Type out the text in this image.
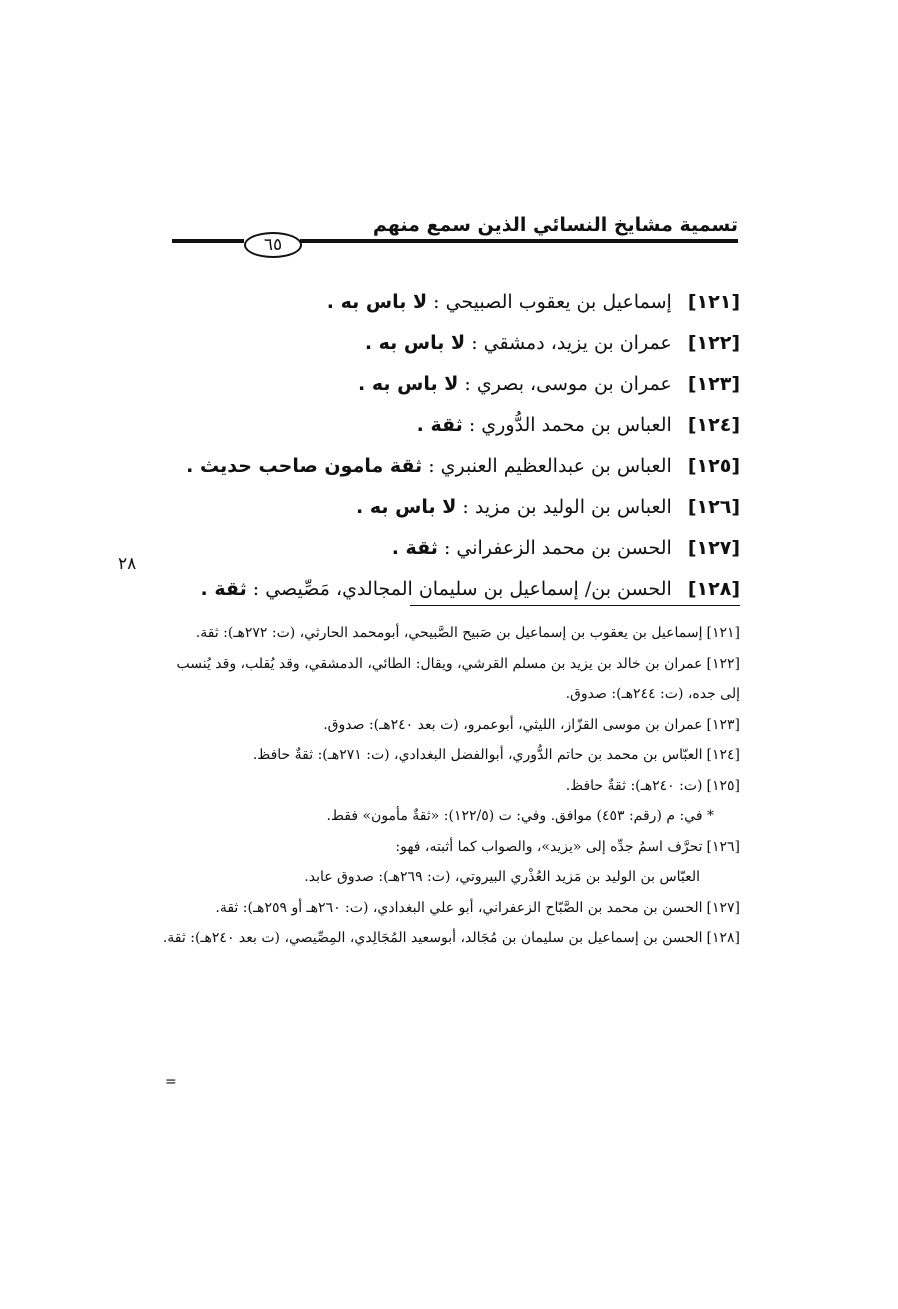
تسمية مشايخ النسائي الذين سمع منهم
٦٥
[١٢١] إسماعيل بن يعقوب الصبيحي : لا باس به .
[١٢٢] عمران بن يزيد، دمشقي : لا باس به .
[١٢٣] عمران بن موسى، بصري : لا باس به .
[١٢٤] العباس بن محمد الدُّوري : ثقة .
[١٢٥] العباس بن عبدالعظيم العنبري : ثقة مامون صاحب حديث .
[١٢٦] العباس بن الوليد بن مزيد : لا باس به .
[١٢٧] الحسن بن محمد الزعفراني : ثقة .
[١٢٨] الحسن بن/ إسماعيل بن سليمان المجالدي، مَصِّيصي : ثقة .
٢٨

[١٢١]إسماعيل بن يعقوب بن إسماعيل بن صَبيح الصَّبيحي، أبومحمد الحارثي، (ت: ٢٧٢هـ): ثقة.

[١٢٢]عمران بن خالد بن يزيد بن مسلم القرشي، ويقال: الطائي، الدمشقي، وقد يُقلب، وقد يُنسب إلى جده، (ت: ٢٤٤هـ): صدوق.

[١٢٣]عمران بن موسى القزّاز، الليثي، أبوعمرو، (ت بعد ٢٤٠هـ): صدوق.

[١٢٤]العبّاس بن محمد بن حاتم الدُّوري، أبوالفضل البغدادي، (ت: ٢٧١هـ): ثقةٌ حافظ.

[١٢٥](ت: ٢٤٠هـ): ثقةٌ حافظ.

* في: م (رقم: ٤٥٣) موافق. وفي: ت (١٢٢/٥): «ثقةٌ مأمون» فقط.

[١٢٦]تحرَّف اسمُ جدِّه إلى «يزيد»، والصواب كما أثبته، فهو:

العبّاس بن الوليد بن مَزيد العُذْري البيروتي، (ت: ٢٦٩هـ): صدوق عابد.

[١٢٧]الحسن بن محمد بن الصَّبّاح الزعفراني، أبو علي البغدادي، (ت: ٢٦٠هـ أو ٢٥٩هـ): ثقة.

[١٢٨]الحسن بن إسماعيل بن سليمان بن مُجَالد، أبوسعيد المُجَالِدي، المِصِّيصي، (ت بعد ٢٤٠هـ): ثقة.

=
